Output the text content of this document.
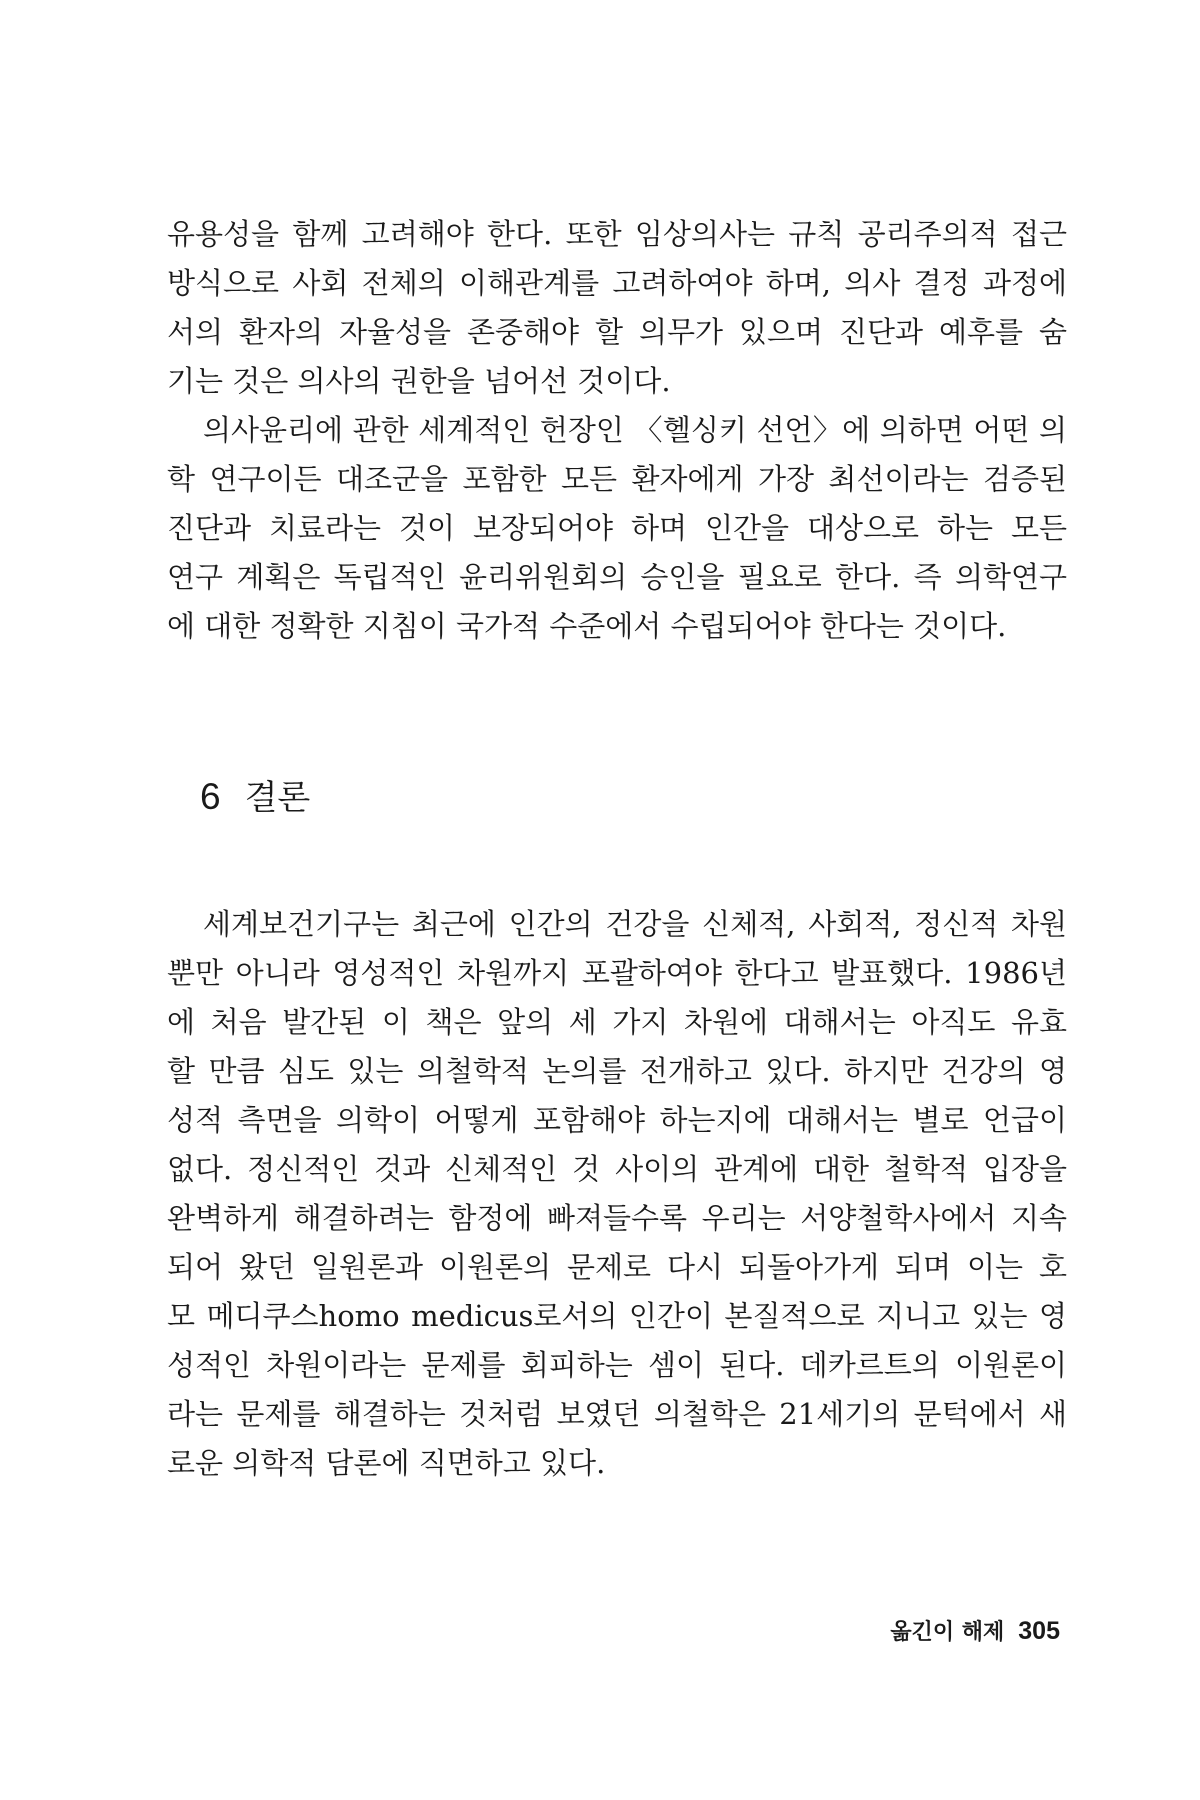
유용성을 함께 고려해야 한다. 또한 임상의사는 규칙 공리주의적 접근
방식으로 사회 전체의 이해관계를 고려하여야 하며, 의사 결정 과정에
서의 환자의 자율성을 존중해야 할 의무가 있으며 진단과 예후를 숨
기는 것은 의사의 권한을 넘어선 것이다.

의사윤리에 관한 세계적인 헌장인 〈헬싱키 선언〉에 의하면 어떤 의
학 연구이든 대조군을 포함한 모든 환자에게 가장 최선이라는 검증된
진단과 치료라는 것이 보장되어야 하며 인간을 대상으로 하는 모든
연구 계획은 독립적인 윤리위원회의 승인을 필요로 한다. 즉 의학연구
에 대한 정확한 지침이 국가적 수준에서 수립되어야 한다는 것이다.

6 결론

세계보건기구는 최근에 인간의 건강을 신체적, 사회적, 정신적 차원
뿐만 아니라 영성적인 차원까지 포괄하여야 한다고 발표했다. 1986년
에 처음 발간된 이 책은 앞의 세 가지 차원에 대해서는 아직도 유효
할 만큼 심도 있는 의철학적 논의를 전개하고 있다. 하지만 건강의 영
성적 측면을 의학이 어떻게 포함해야 하는지에 대해서는 별로 언급이
없다. 정신적인 것과 신체적인 것 사이의 관계에 대한 철학적 입장을
완벽하게 해결하려는 함정에 빠져들수록 우리는 서양철학사에서 지속
되어 왔던 일원론과 이원론의 문제로 다시 되돌아가게 되며 이는 호
모 메디쿠스homo medicus로서의 인간이 본질적으로 지니고 있는 영
성적인 차원이라는 문제를 회피하는 셈이 된다. 데카르트의 이원론이
라는 문제를 해결하는 것처럼 보였던 의철학은 21세기의 문턱에서 새
로운 의학적 담론에 직면하고 있다.

옮긴이 해제 305
